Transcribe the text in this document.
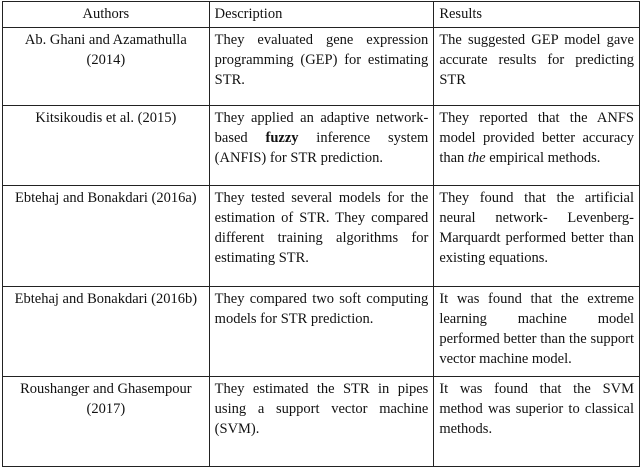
Authors	Description	Results
Ab. Ghani and Azamathulla (2014)	They evaluated gene expression programming (GEP) for estimating STR.	The suggested GEP model gave accurate results for predicting STR
Kitsikoudis et al. (2015)	They applied an adaptive network-based fuzzy inference system (ANFIS) for STR prediction.	They reported that the ANFS model provided better accuracy than the empirical methods.
Ebtehaj and Bonakdari (2016a)	They tested several models for the estimation of STR. They compared different training algorithms for estimating STR.	They found that the artificial neural network- Levenberg-Marquardt performed better than existing equations.
Ebtehaj and Bonakdari (2016b)	They compared two soft computing models for STR prediction.	It was found that the extreme learning machine model performed better than the support vector machine model.
Roushanger and Ghasempour (2017)	They estimated the STR in pipes using a support vector machine (SVM).	It was found that the SVM method was superior to classical methods.
